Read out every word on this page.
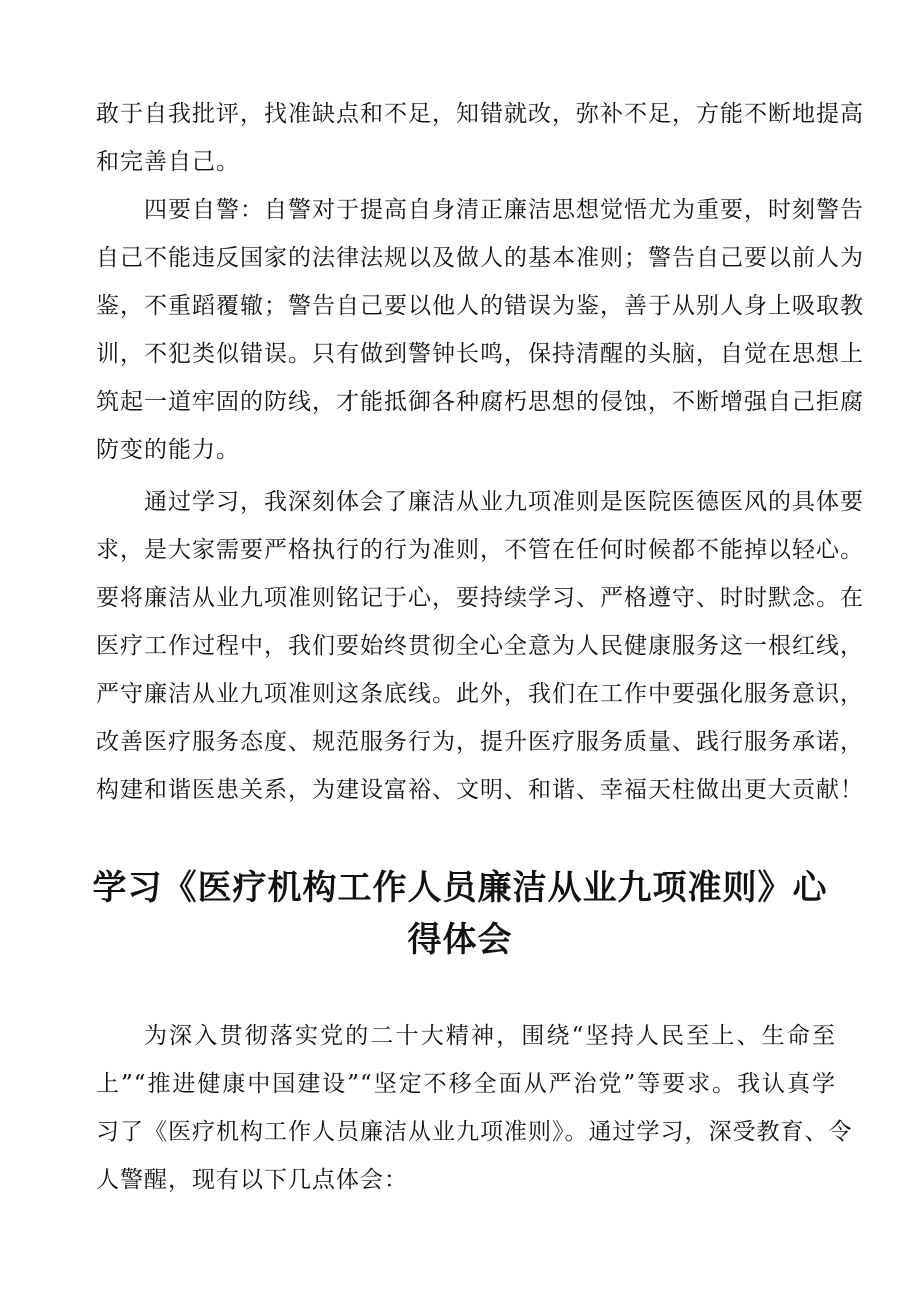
敢于自我批评，找准缺点和不足，知错就改，弥补不足，方能不断地提高
和完善自己。
四要自警：自警对于提高自身清正廉洁思想觉悟尤为重要，时刻警告
自己不能违反国家的法律法规以及做人的基本准则；警告自己要以前人为
鉴，不重蹈覆辙；警告自己要以他人的错误为鉴，善于从别人身上吸取教
训，不犯类似错误。只有做到警钟长鸣，保持清醒的头脑，自觉在思想上
筑起一道牢固的防线，才能抵御各种腐朽思想的侵蚀，不断增强自己拒腐
防变的能力。
通过学习，我深刻体会了廉洁从业九项准则是医院医德医风的具体要
求，是大家需要严格执行的行为准则，不管在任何时候都不能掉以轻心。
要将廉洁从业九项准则铭记于心，要持续学习、严格遵守、时时默念。在
医疗工作过程中，我们要始终贯彻全心全意为人民健康服务这一根红线，
严守廉洁从业九项准则这条底线。此外，我们在工作中要强化服务意识，
改善医疗服务态度、规范服务行为，提升医疗服务质量、践行服务承诺，
构建和谐医患关系，为建设富裕、文明、和谐、幸福天柱做出更大贡献！
学习《医疗机构工作人员廉洁从业九项准则》心
得体会
为深入贯彻落实党的二十大精神，围绕“坚持人民至上、生命至
上”“推进健康中国建设”“坚定不移全面从严治党”等要求。我认真学
习了《医疗机构工作人员廉洁从业九项准则》。通过学习，深受教育、令
人警醒，现有以下几点体会：
